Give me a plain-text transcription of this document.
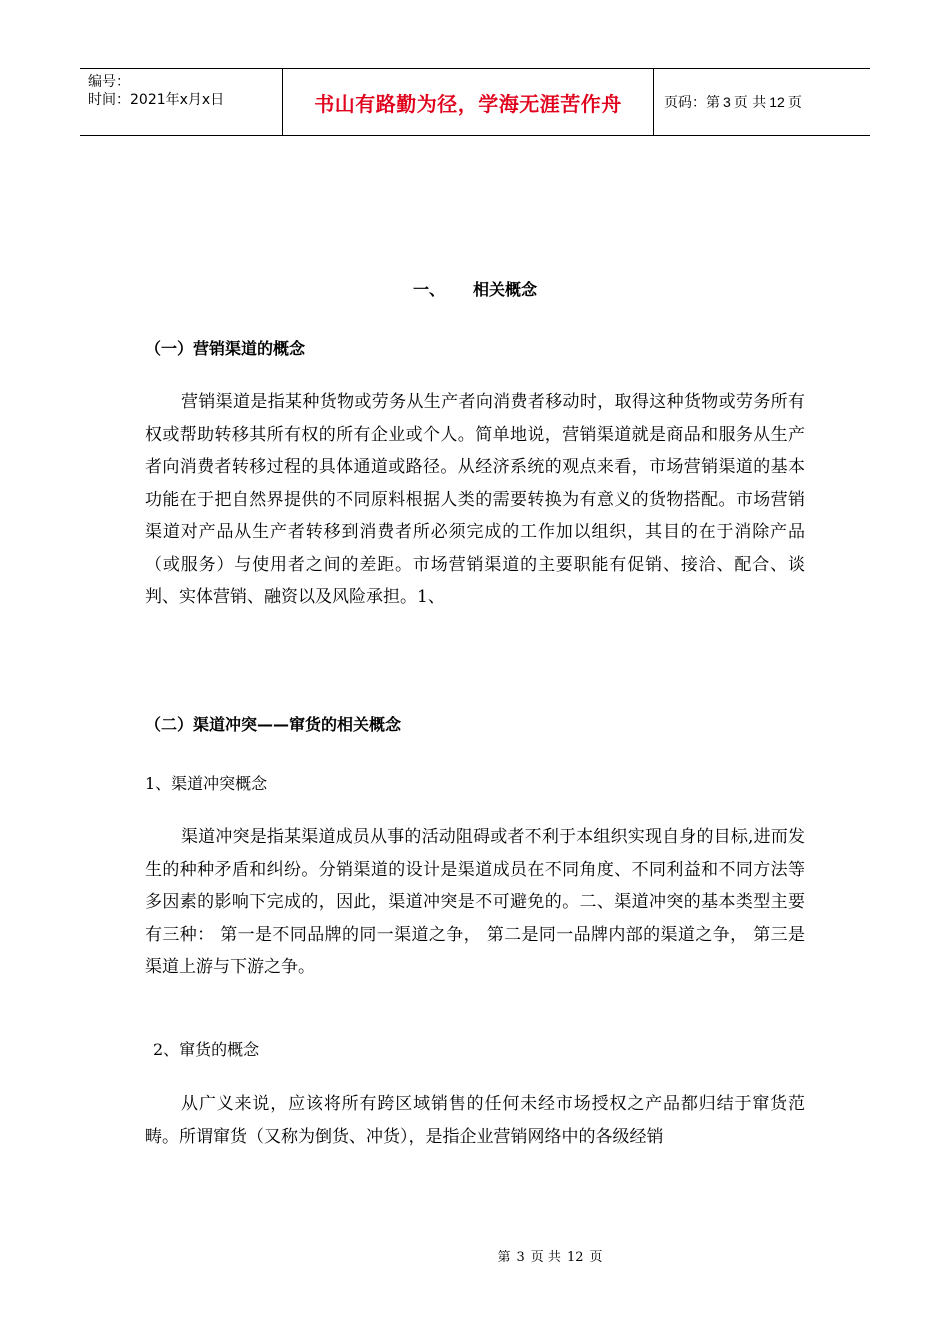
编号：
时间：2021年x月x日	书山有路勤为径，学海无涯苦作舟	页码：第 3 页 共 12 页
一、 相关概念
（一）营销渠道的概念
营销渠道是指某种货物或劳务从生产者向消费者移动时，取得这种货物或劳务所有权或帮助转移其所有权的所有企业或个人。简单地说，营销渠道就是商品和服务从生产者向消费者转移过程的具体通道或路径。从经济系统的观点来看，市场营销渠道的基本功能在于把自然界提供的不同原料根据人类的需要转换为有意义的货物搭配。市场营销渠道对产品从生产者转移到消费者所必须完成的工作加以组织，其目的在于消除产品（或服务）与使用者之间的差距。市场营销渠道的主要职能有促销、接洽、配合、谈判、实体营销、融资以及风险承担。1、
（二）渠道冲突——窜货的相关概念
1、渠道冲突概念
渠道冲突是指某渠道成员从事的活动阻碍或者不利于本组织实现自身的目标,进而发生的种种矛盾和纠纷。分销渠道的设计是渠道成员在不同角度、不同利益和不同方法等多因素的影响下完成的，因此，渠道冲突是不可避免的。二、渠道冲突的基本类型主要有三种： 第一是不同品牌的同一渠道之争， 第二是同一品牌内部的渠道之争， 第三是渠道上游与下游之争。
2、窜货的概念
从广义来说，应该将所有跨区域销售的任何未经市场授权之产品都归结于窜货范畴。所谓窜货（又称为倒货、冲货），是指企业营销网络中的各级经销
第 3 页 共 12 页
